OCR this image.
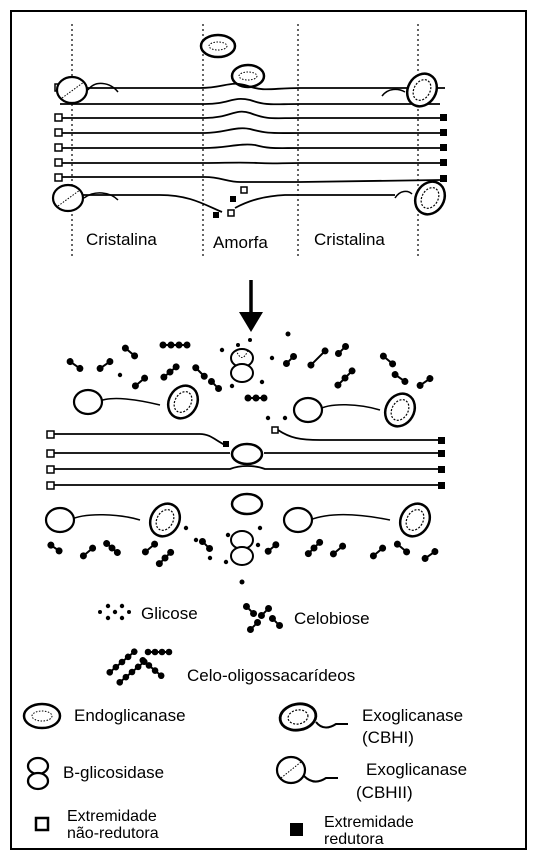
Cristalina	Amorfa	Cristalina
Glicose	Celobiose
Celo-oligossacarídeos
Endoglicanase	Exoglicanase
(CBHI)
B-glicosidase	Exoglicanase
(CBHII)
Extremidade
não-redutora
Extremidade
redutora
